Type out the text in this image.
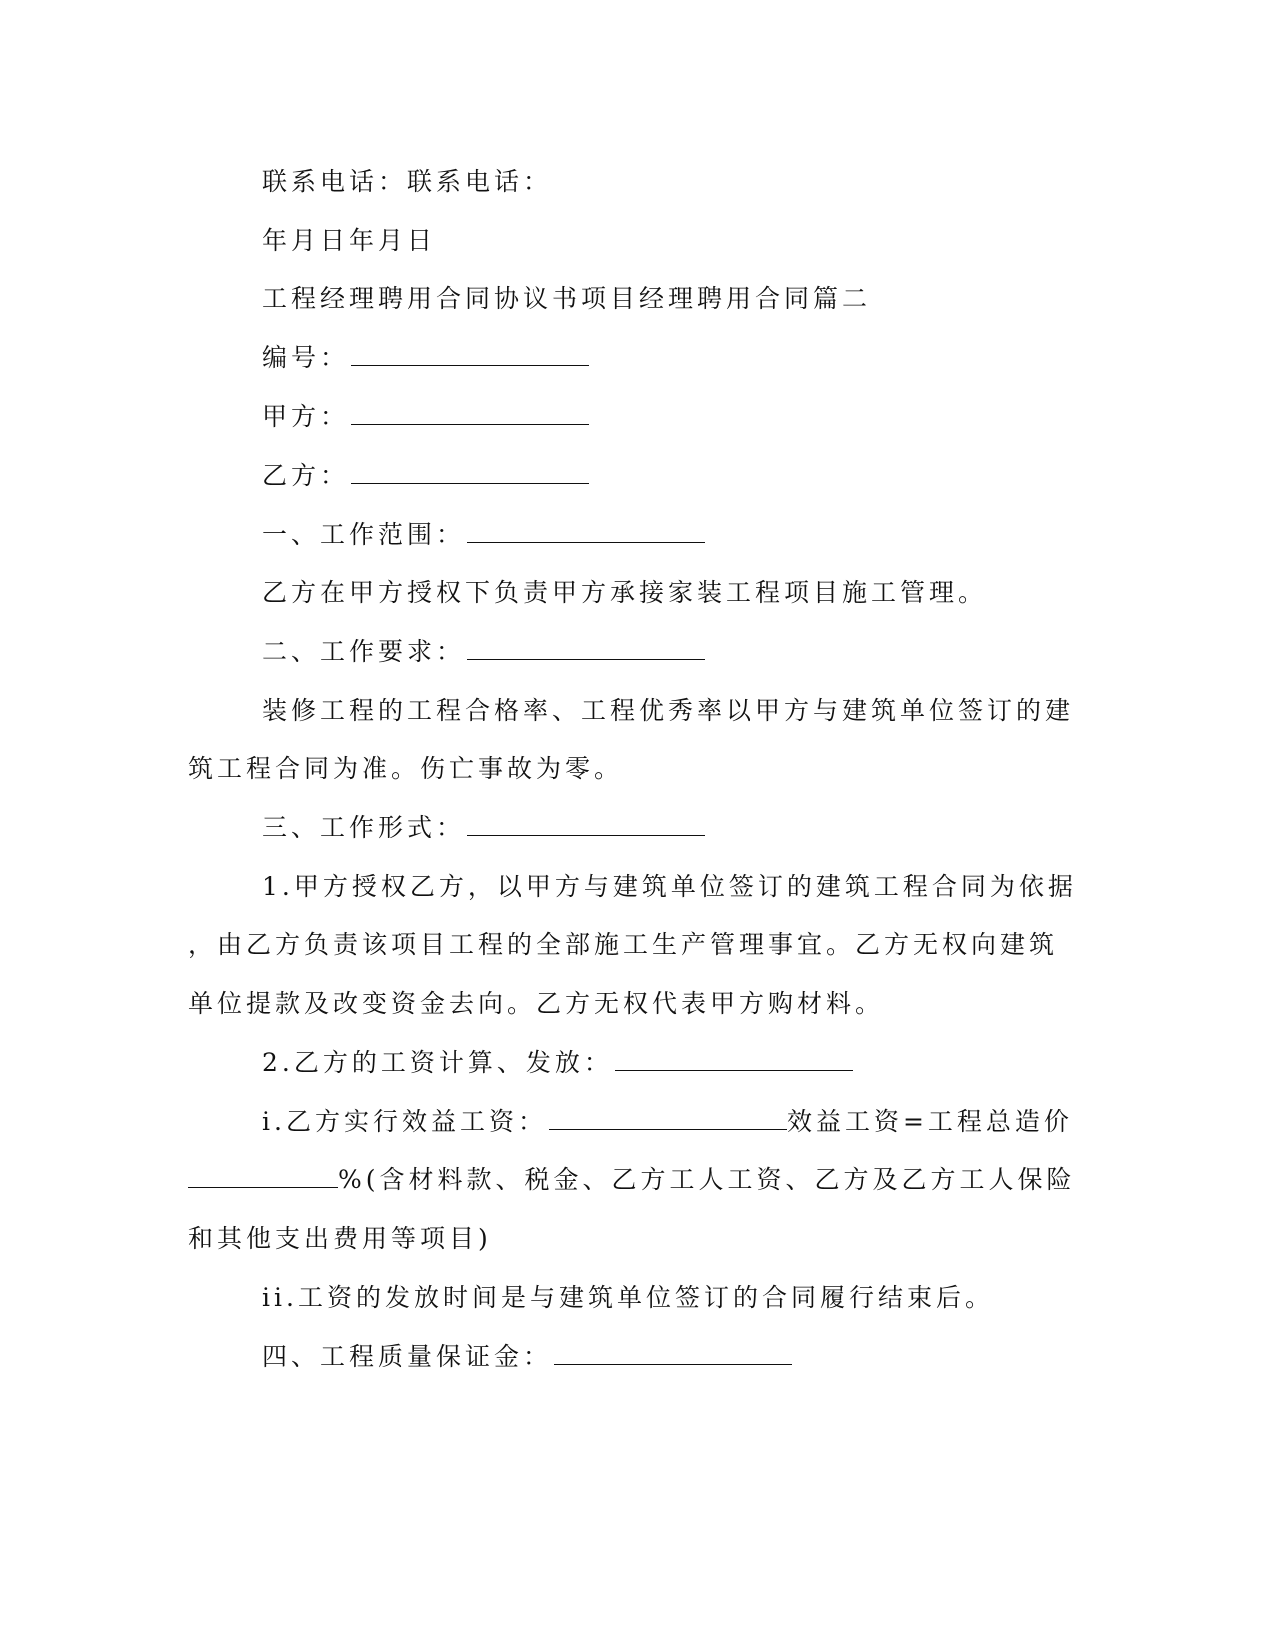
联系电话：联系电话：
年月日年月日
工程经理聘用合同协议书项目经理聘用合同篇二
编号：
甲方：
乙方：
一、工作范围：
乙方在甲方授权下负责甲方承接家装工程项目施工管理。
二、工作要求：
装修工程的工程合格率、工程优秀率以甲方与建筑单位签订的建
筑工程合同为准。伤亡事故为零。
三、工作形式：
1.甲方授权乙方，以甲方与建筑单位签订的建筑工程合同为依据
，由乙方负责该项目工程的全部施工生产管理事宜。乙方无权向建筑
单位提款及改变资金去向。乙方无权代表甲方购材料。
2.乙方的工资计算、发放：
i.乙方实行效益工资：	效益工资=工程总造价
%(含材料款、税金、乙方工人工资、乙方及乙方工人保险
和其他支出费用等项目)
ii.工资的发放时间是与建筑单位签订的合同履行结束后。
四、工程质量保证金：
